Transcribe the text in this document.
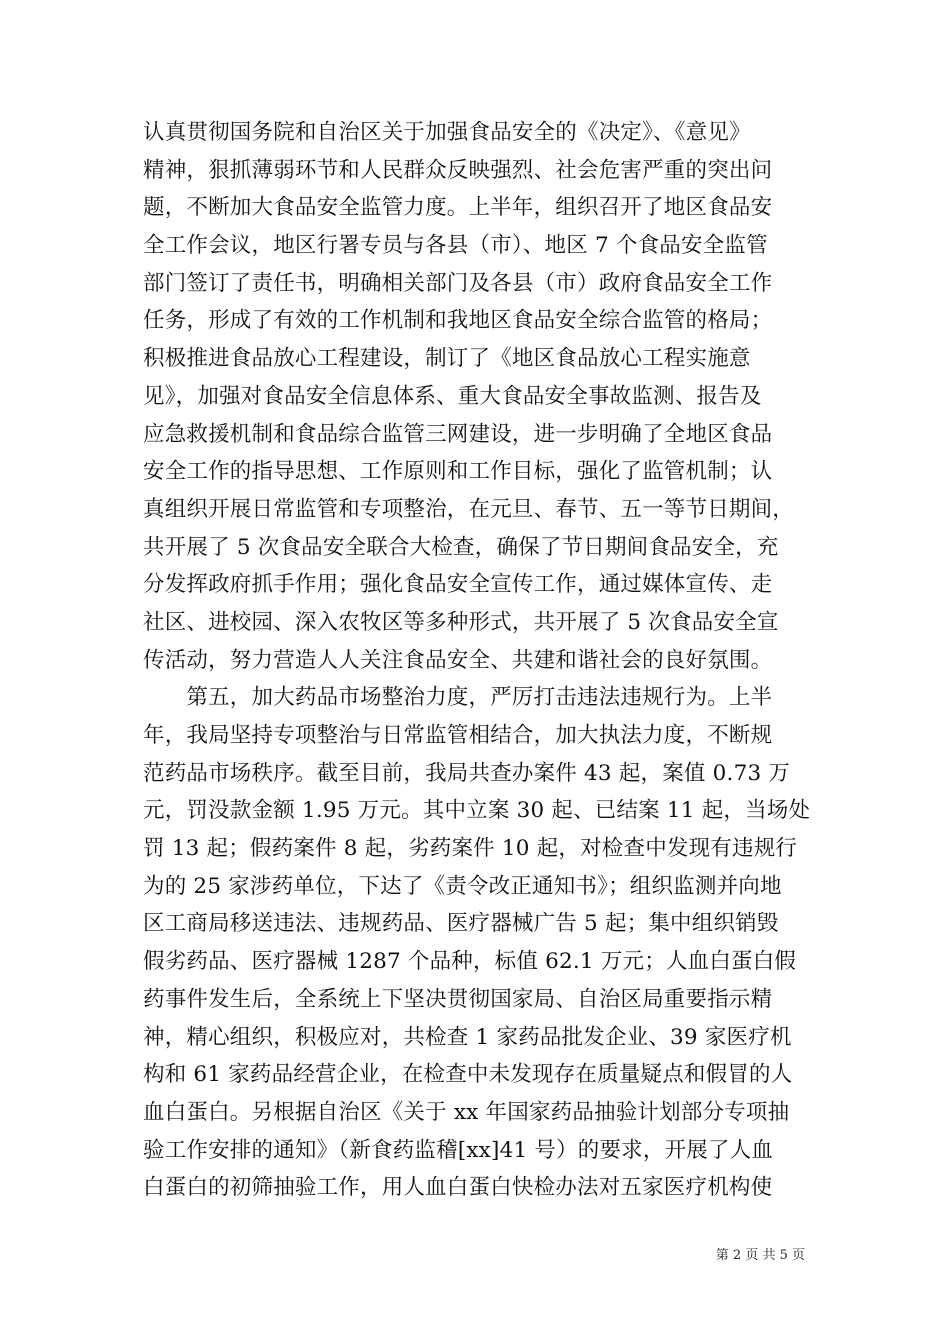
认真贯彻国务院和自治区关于加强食品安全的《决定》、《意见》
精神，狠抓薄弱环节和人民群众反映强烈、社会危害严重的突出问
题，不断加大食品安全监管力度。上半年，组织召开了地区食品安
全工作会议，地区行署专员与各县（市）、地区 7 个食品安全监管
部门签订了责任书，明确相关部门及各县（市）政府食品安全工作
任务，形成了有效的工作机制和我地区食品安全综合监管的格局；
积极推进食品放心工程建设，制订了《地区食品放心工程实施意
见》，加强对食品安全信息体系、重大食品安全事故监测、报告及
应急救援机制和食品综合监管三网建设，进一步明确了全地区食品
安全工作的指导思想、工作原则和工作目标，强化了监管机制；认
真组织开展日常监管和专项整治，在元旦、春节、五一等节日期间，
共开展了 5 次食品安全联合大检查，确保了节日期间食品安全，充
分发挥政府抓手作用；强化食品安全宣传工作，通过媒体宣传、走
社区、进校园、深入农牧区等多种形式，共开展了 5 次食品安全宣
传活动，努力营造人人关注食品安全、共建和谐社会的良好氛围。
　　第五，加大药品市场整治力度，严厉打击违法违规行为。上半
年，我局坚持专项整治与日常监管相结合，加大执法力度，不断规
范药品市场秩序。截至目前，我局共查办案件 43 起，案值 0.73 万
元，罚没款金额 1.95 万元。其中立案 30 起、已结案 11 起，当场处
罚 13 起；假药案件 8 起，劣药案件 10 起，对检查中发现有违规行
为的 25 家涉药单位，下达了《责令改正通知书》；组织监测并向地
区工商局移送违法、违规药品、医疗器械广告 5 起；集中组织销毁
假劣药品、医疗器械 1287 个品种，标值 62.1 万元；人血白蛋白假
药事件发生后，全系统上下坚决贯彻国家局、自治区局重要指示精
神，精心组织，积极应对，共检查 1 家药品批发企业、39 家医疗机
构和 61 家药品经营企业，在检查中未发现存在质量疑点和假冒的人
血白蛋白。另根据自治区《关于 xx 年国家药品抽验计划部分专项抽
验工作安排的通知》（新食药监稽[xx]41 号）的要求，开展了人血
白蛋白的初筛抽验工作，用人血白蛋白快检办法对五家医疗机构使
第 2 页 共 5 页
